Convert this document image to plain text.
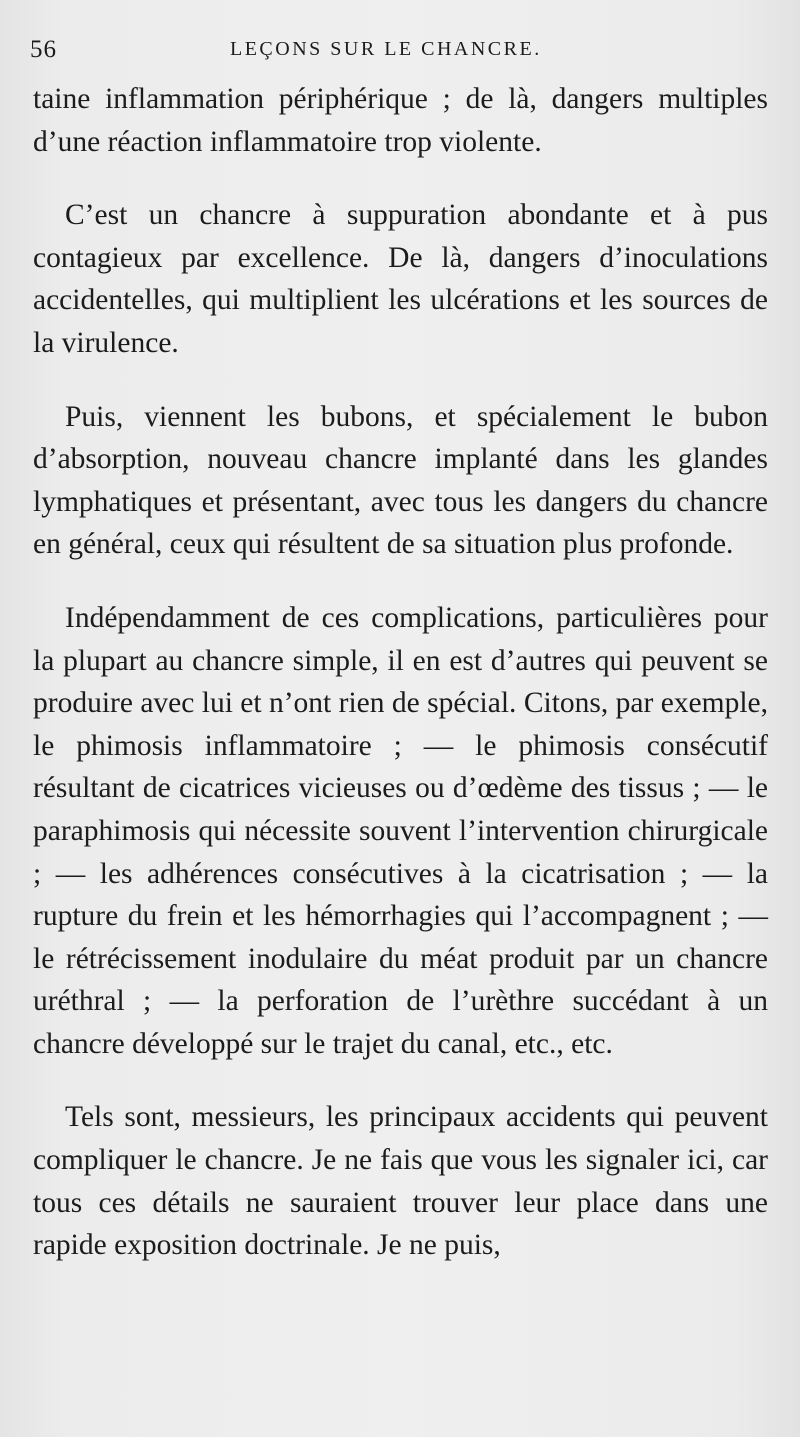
56	LEÇONS SUR LE CHANCRE.

taine inflammation périphérique ; de là, dangers multiples d’une réaction inflammatoire trop violente.

C’est un chancre à suppuration abondante et à pus contagieux par excellence. De là, dangers d’inoculations accidentelles, qui multiplient les ulcérations et les sources de la virulence.

Puis, viennent les bubons, et spécialement le bubon d’absorption, nouveau chancre implanté dans les glandes lymphatiques et présentant, avec tous les dangers du chancre en général, ceux qui résultent de sa situation plus profonde.

Indépendamment de ces complications, particulières pour la plupart au chancre simple, il en est d’autres qui peuvent se produire avec lui et n’ont rien de spécial. Citons, par exemple, le phimosis inflammatoire ; — le phimosis consécutif résultant de cicatrices vicieuses ou d’œdème des tissus ; — le paraphimosis qui nécessite souvent l’intervention chirurgicale ; — les adhérences consécutives à la cicatrisation ; — la rupture du frein et les hémorrhagies qui l’accompagnent ; — le rétrécissement inodulaire du méat produit par un chancre uréthral ; — la perforation de l’urèthre succédant à un chancre développé sur le trajet du canal, etc., etc.

Tels sont, messieurs, les principaux accidents qui peuvent compliquer le chancre. Je ne fais que vous les signaler ici, car tous ces détails ne sauraient trouver leur place dans une rapide exposition doctrinale. Je ne puis,
